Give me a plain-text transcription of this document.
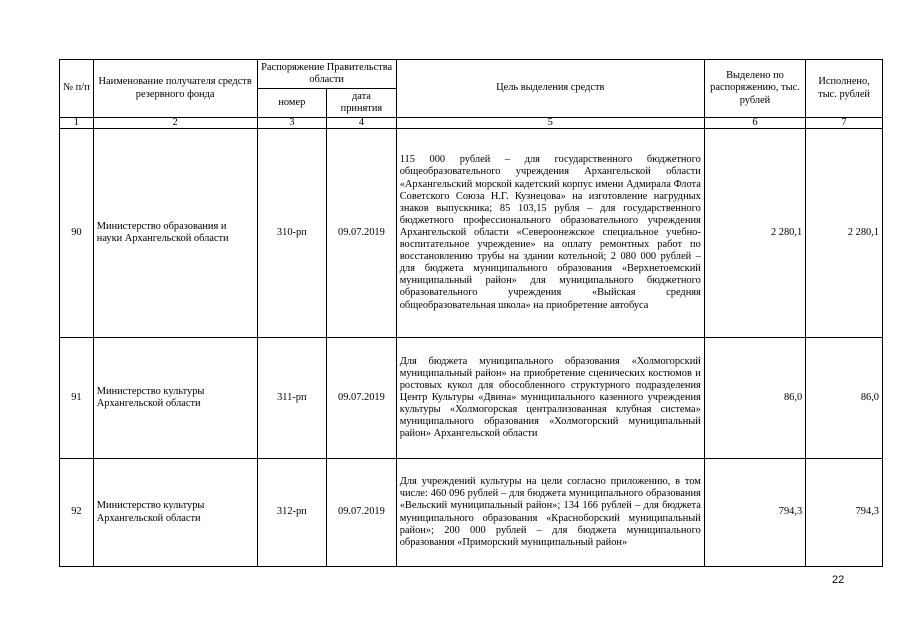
№ п/п	Наименование получателя средств резервного фонда	Распоряжение Правительства области		Цель выделения средств	Выделено по распоряжению, тыс. рублей	Исполнено, тыс. рублей
		номер	дата принятия			
1	2	3	4	5	6	7
90	Министерство образования и науки Архангельской области	310-рп	09.07.2019	115 000 рублей – для государственного бюджетного общеобразовательного учреждения Архангельской области «Архангельский морской кадетский корпус имени Адмирала Флота Советского Союза Н.Г. Кузнецова» на изготовление нагрудных знаков выпускника; 85 103,15 рубля – для государственного бюджетного профессионального образовательного учреждения Архангельской области «Североонежское специальное учебно-воспитательное учреждение» на оплату ремонтных работ по восстановлению трубы на здании котельной; 2 080 000 рублей – для бюджета муниципального образования «Верхнетоемский муниципальный район» для муниципального бюджетного образовательного учреждения «Выйская средняя общеобразовательная школа» на приобретение автобуса	2 280,1	2 280,1
91	Министерство культуры Архангельской области	311-рп	09.07.2019	Для бюджета муниципального образования «Холмогорский муниципальный район» на приобретение сценических костюмов и ростовых кукол для обособленного структурного подразделения Центр Культуры «Двина» муниципального казенного учреждения культуры «Холмогорская централизованная клубная система» муниципального образования «Холмогорский муниципальный район» Архангельской области	86,0	86,0
92	Министерство культуры Архангельской области	312-рп	09.07.2019	Для учреждений культуры на цели согласно приложению, в том числе: 460 096 рублей – для бюджета муниципального образования «Вельский муниципальный район»; 134 166 рублей – для бюджета муниципального образования «Красноборский муниципальный район»; 200 000 рублей – для бюджета муниципального образования «Приморский муниципальный район»	794,3	794,3
22
